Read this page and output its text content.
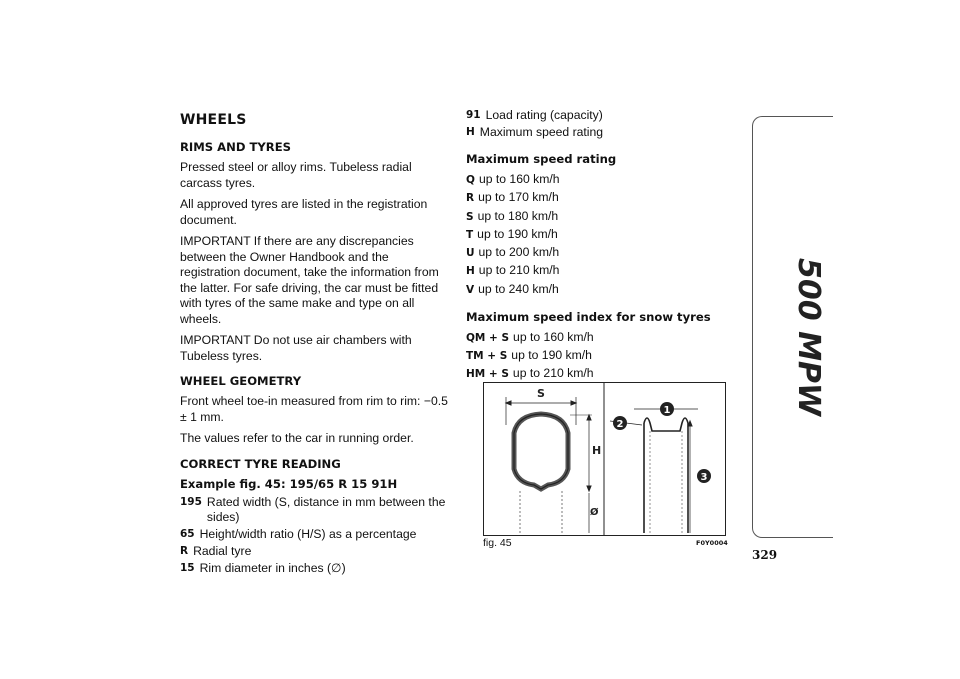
WHEELS
RIMS AND TYRES

Pressed steel or alloy rims. Tubeless radial carcass tyres.

All approved tyres are listed in the registration document.

IMPORTANT If there are any discrepancies between the Owner Handbook and the registration document, take the information from the latter. For safe driving, the car must be fitted with tyres of the same make and type on all wheels.

IMPORTANT Do not use air chambers with Tubeless tyres.

WHEEL GEOMETRY

Front wheel toe-in measured from rim to rim: −0.5 ± 1 mm.

The values refer to the car in running order.

CORRECT TYRE READING
Example fig. 45: 195/65 R 15 91H
195 Rated width (S, distance in mm between the sides)
65 Height/width ratio (H/S) as a percentage
R Radial tyre
15 Rim diameter in inches (∅)
91 Load rating (capacity)
H Maximum speed rating
Maximum speed rating
Q up to 160 km/h
R up to 170 km/h
S up to 180 km/h
T up to 190 km/h
U up to 200 km/h
H up to 210 km/h
V up to 240 km/h
Maximum speed index for snow tyres
QM + S up to 160 km/h
TM + S up to 190 km/h
HM + S up to 210 km/h
S
H
Ø
1
2
3
fig. 45	F0Y0004
500 MPW
329
